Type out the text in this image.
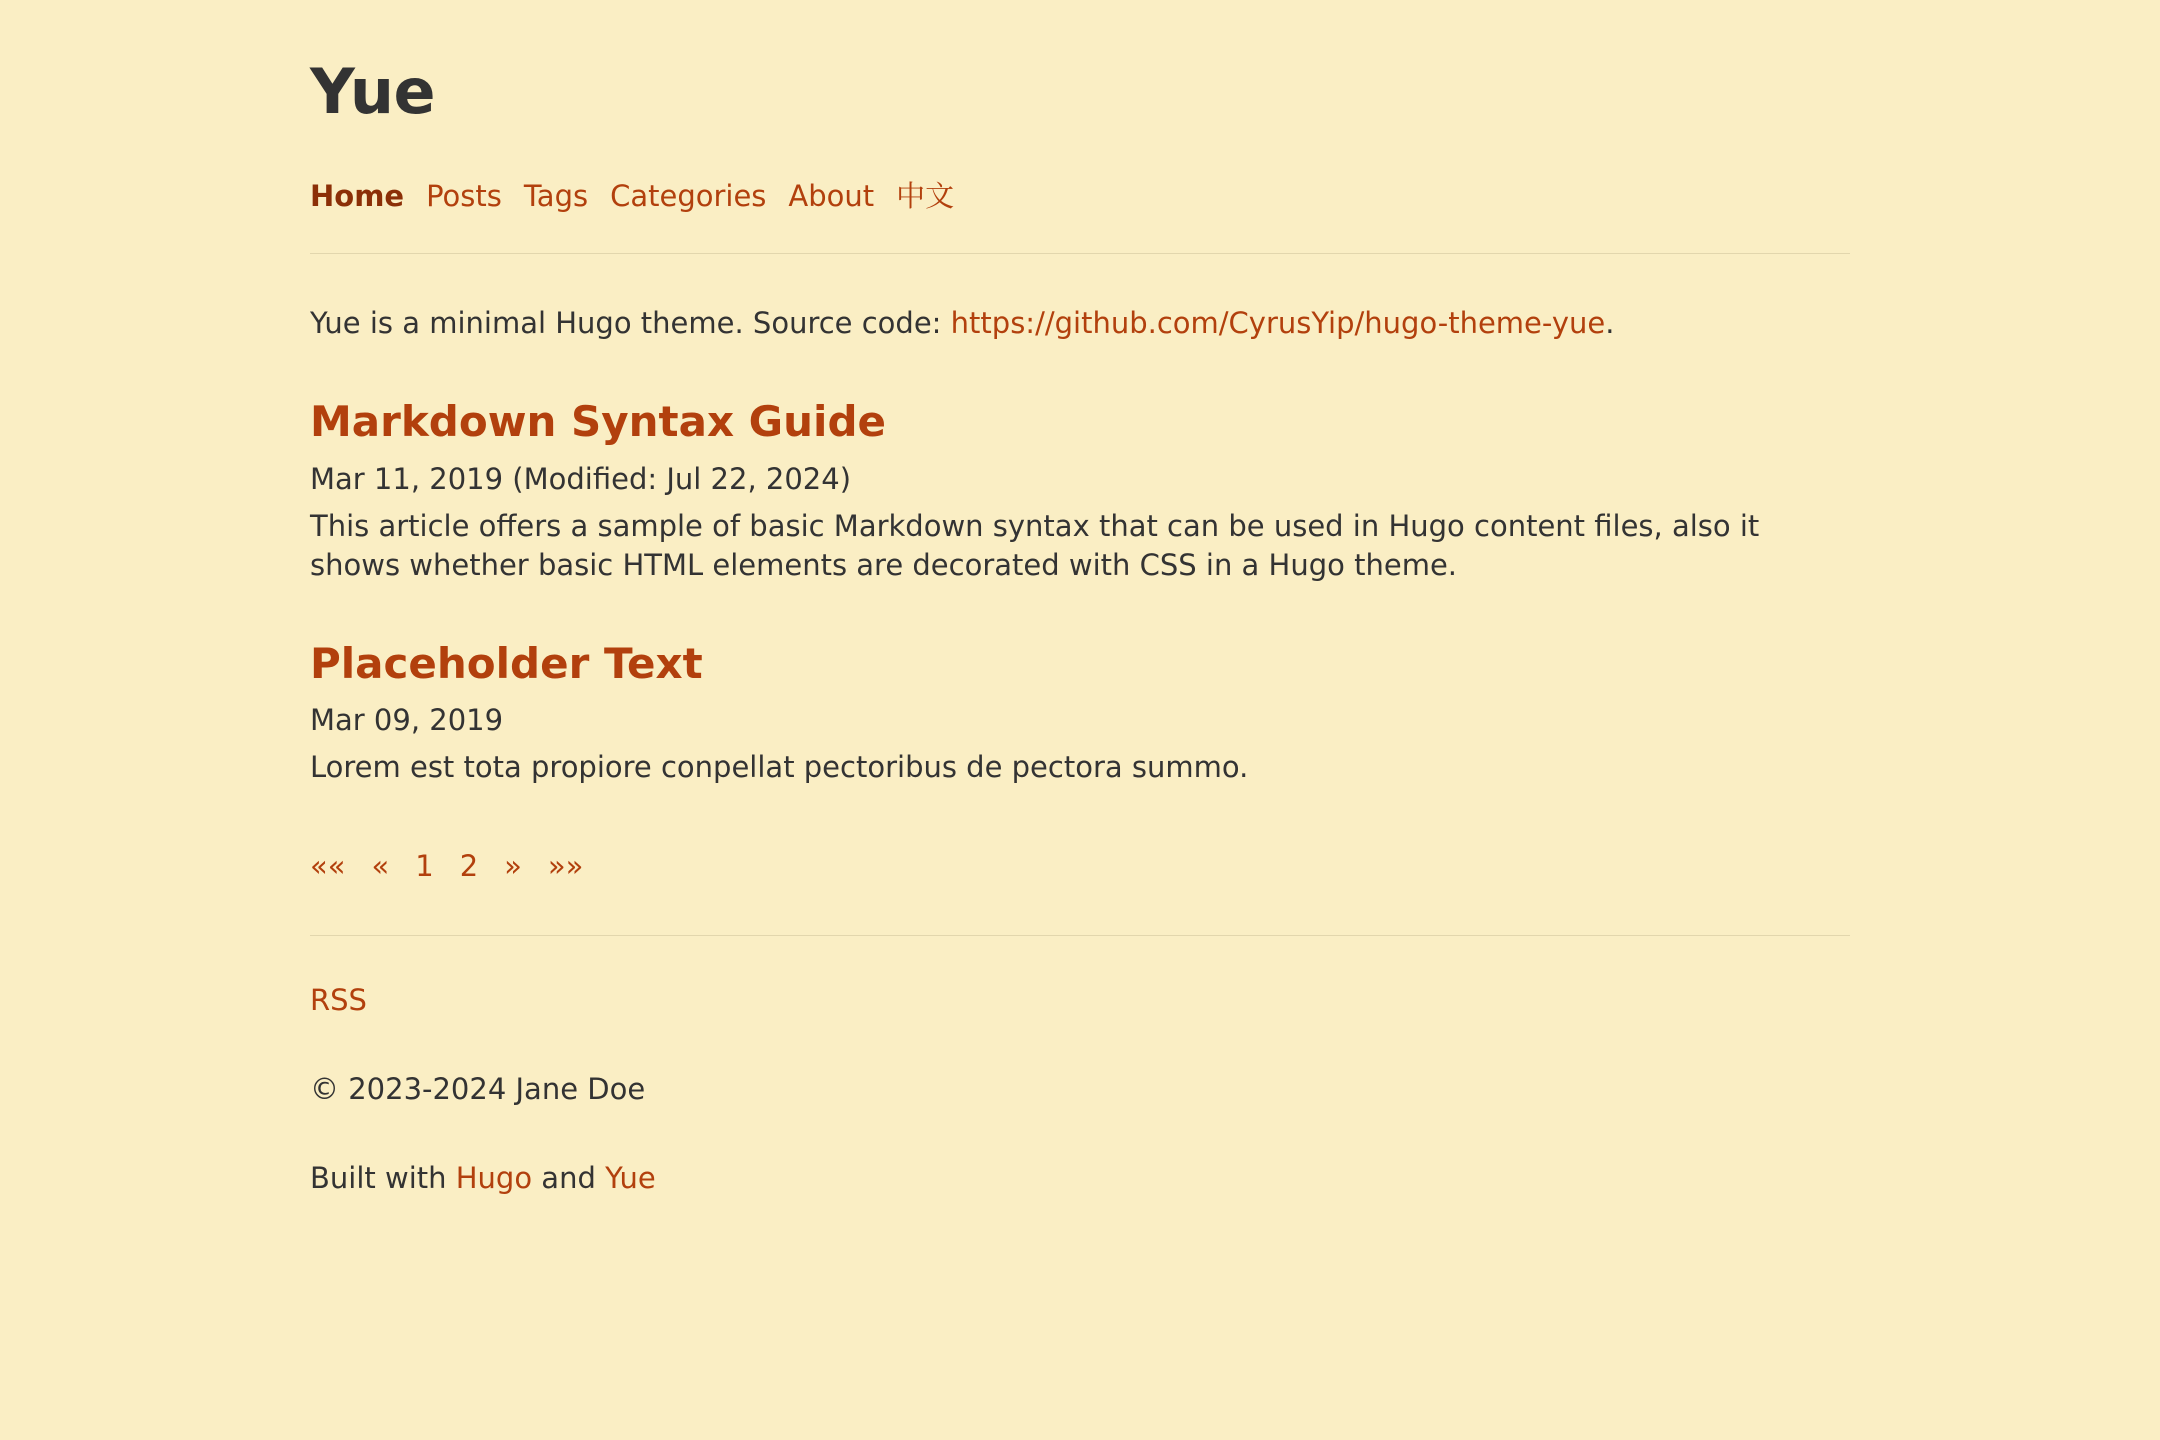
Yue
Home Posts Tags Categories About 中文

Yue is a minimal Hugo theme. Source code: https://github.com/CyrusYip/hugo-theme-yue.

Markdown Syntax Guide
Mar 11, 2019 (Modified: Jul 22, 2024)
This article offers a sample of basic Markdown syntax that can be used in Hugo content files, also it shows whether basic HTML elements are decorated with CSS in a Hugo theme.
Placeholder Text
Mar 09, 2019
Lorem est tota propiore conpellat pectoribus de pectora summo.
«« « 1 2 » »»
RSS
© 2023-2024 Jane Doe
Built with Hugo and Yue
